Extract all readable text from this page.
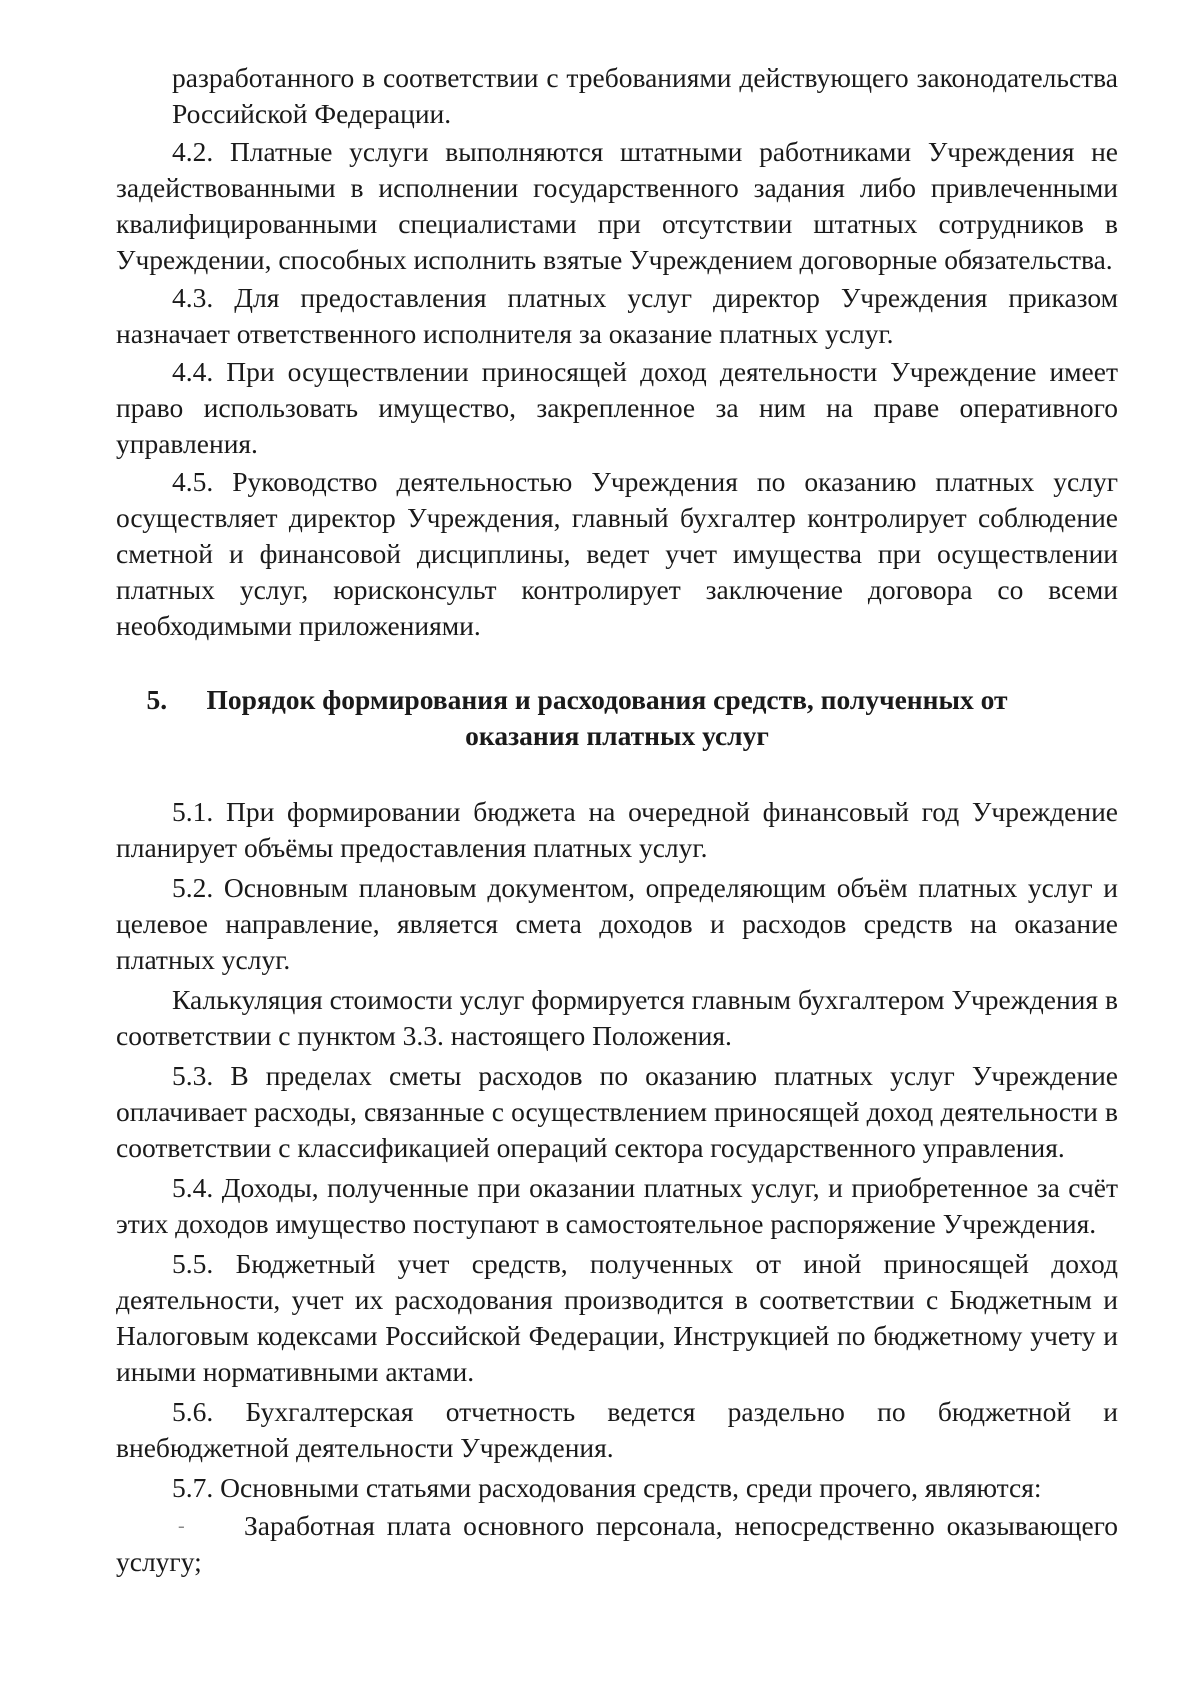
разработанного в соответствии с требованиями действующего законодательства Российской Федерации.

4.2. Платные услуги выполняются штатными работниками Учреждения не задействованными в исполнении государственного задания либо привлеченными квалифицированными специалистами при отсутствии штатных сотрудников в Учреждении, способных исполнить взятые Учреждением договорные обязательства.

4.3. Для предоставления платных услуг директор Учреждения приказом назначает ответственного исполнителя за оказание платных услуг.

4.4. При осуществлении приносящей доход деятельности Учреждение имеет право использовать имущество, закрепленное за ним на праве оперативного управления.

4.5. Руководство деятельностью Учреждения по оказанию платных услуг осуществляет директор Учреждения, главный бухгалтер контролирует соблюдение сметной и финансовой дисциплины, ведет учет имущества при осуществлении платных услуг, юрисконсульт контролирует заключение договора со всеми необходимыми приложениями.

5. Порядок формирования и расходования средств, полученных от
оказания платных услуг

5.1. При формировании бюджета на очередной финансовый год Учреждение планирует объёмы предоставления платных услуг.

5.2. Основным плановым документом, определяющим объём платных услуг и целевое направление, является смета доходов и расходов средств на оказание платных услуг.

Калькуляция стоимости услуг формируется главным бухгалтером Учреждения в соответствии с пунктом 3.3. настоящего Положения.

5.3. В пределах сметы расходов по оказанию платных услуг Учреждение оплачивает расходы, связанные с осуществлением приносящей доход деятельности в соответствии с классификацией операций сектора государственного управления.

5.4. Доходы, полученные при оказании платных услуг, и приобретенное за счёт этих доходов имущество поступают в самостоятельное распоряжение Учреждения.

5.5. Бюджетный учет средств, полученных от иной приносящей доход деятельности, учет их расходования производится в соответствии с Бюджетным и Налоговым кодексами Российской Федерации, Инструкцией по бюджетному учету и иными нормативными актами.

5.6. Бухгалтерская отчетность ведется раздельно по бюджетной и внебюджетной деятельности Учреждения.

5.7. Основными статьями расходования средств, среди прочего, являются:

-	Заработная плата основного персонала, непосредственно оказывающего услугу;
